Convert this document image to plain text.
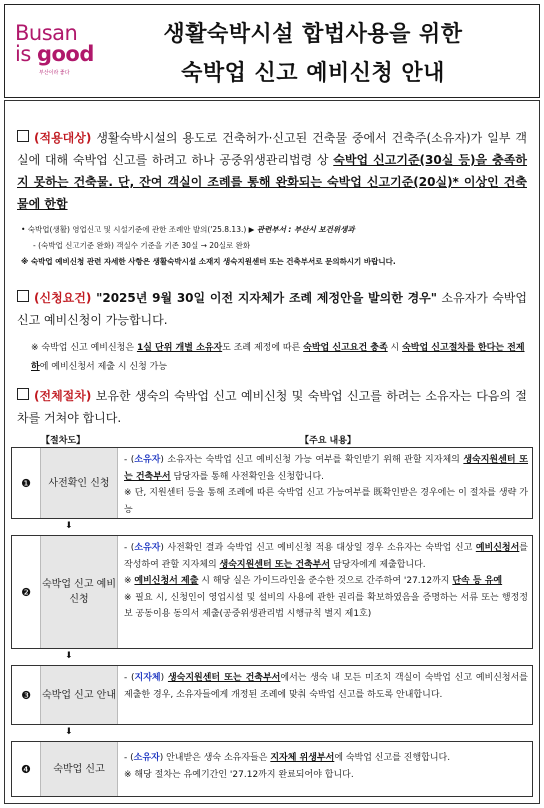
Busan
is good
부산이라 좋다
생활숙박시설 합법사용을 위한
숙박업 신고 예비신청 안내
(적용대상) 생활숙박시설의 용도로 건축허가·신고된 건축물 중에서 건축주(소유자)가 일부 객실에 대해 숙박업 신고를 하려고 하나 공중위생관리법령 상 숙박업 신고기준(30실 등)을 충족하지 못하는 건축물. 단, 잔여 객실이 조례를 통해 완화되는 숙박업 신고기준(20실)* 이상인 건축물에 한함
• 숙박업(생활) 영업신고 및 시설기준에 관한 조례안 발의('25.8.13.) ▶ 관련부서 : 부산시 보건위생과
- (숙박업 신고기준 완화) 객실수 기준을 기존 30실 → 20실로 완화
※ 숙박업 예비신청 관련 자세한 사항은 생활숙박시설 소재지 생숙지원센터 또는 건축부서로 문의하시기 바랍니다.
(신청요건) "2025년 9월 30일 이전 지자체가 조례 제정안을 발의한 경우" 소유자가 숙박업 신고 예비신청이 가능합니다.
※ 숙박업 신고 예비신청은 1실 단위 개별 소유자도 조례 제정에 따른 숙박업 신고요건 충족 시 숙박업 신고절차를 한다는 전제하에 예비신청서 제출 시 신청 가능
(전체절차) 보유한 생숙의 숙박업 신고 예비신청 및 숙박업 신고를 하려는 소유자는 다음의 절차를 거쳐야 합니다.
【절차도】	【주요 내용】
❶	사전확인 신청
- (소유자) 소유자는 숙박업 신고 예비신청 가능 여부를 확인받기 위해 관할 지자체의 생숙지원센터 또는 건축부서 담당자를 통해 사전확인을 신청합니다.
※ 단, 지원센터 등을 통해 조례에 따른 숙박업 신고 가능여부를 既확인받은 경우에는 이 절차를 생략 가능
⬇
❷
숙박업 신고 예비신청
- (소유자) 사전확인 결과 숙박업 신고 예비신청 적용 대상일 경우 소유자는 숙박업 신고 예비신청서를 작성하여 관할 지자체의 생숙지원센터 또는 건축부서 담당자에게 제출합니다.
※ 예비신청서 제출 시 해당 실은 가이드라인을 준수한 것으로 간주하여 '27.12까지 단속 등 유예
※ 필요 시, 신청인이 영업시설 및 설비의 사용에 관한 권리를 확보하였음을 증명하는 서류 또는 행정정보 공동이용 동의서 제출(공중위생관리법 시행규칙 별지 제1호)
⬇
❸	숙박업 신고 안내
- (지자체) 생숙지원센터 또는 건축부서에서는 생숙 내 모든 미조치 객실이 숙박업 신고 예비신청서를 제출한 경우, 소유자들에게 개정된 조례에 맞춰 숙박업 신고를 하도록 안내합니다.
⬇
❹	숙박업 신고
- (소유자) 안내받은 생숙 소유자들은 지자체 위생부서에 숙박업 신고를 진행합니다.
※ 해당 절차는 유예기간인 '27.12까지 완료되어야 합니다.
